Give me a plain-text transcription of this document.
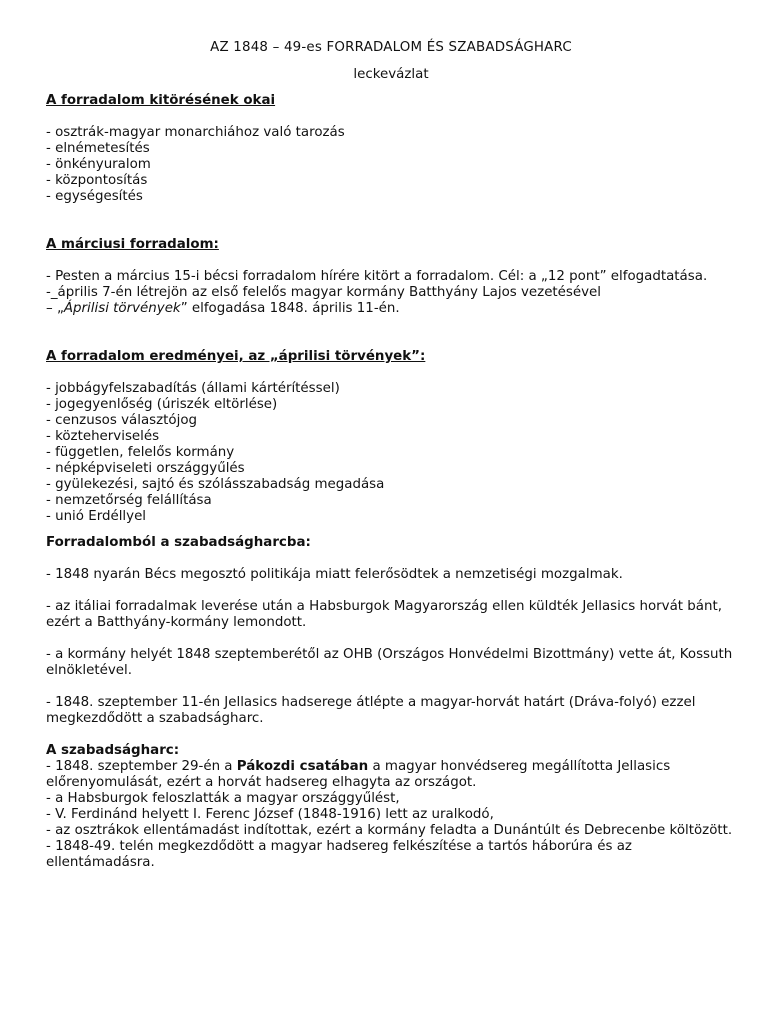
AZ 1848 – 49-es FORRADALOM ÉS SZABADSÁGHARC
leckevázlat
A forradalom kitörésének okai
- osztrák-magyar monarchiához való tarozás
- elnémetesítés
- önkényuralom
- központosítás
- egységesítés
A márciusi forradalom:
- Pesten a március 15-i bécsi forradalom hírére kitört a forradalom. Cél: a „12 pont” elfogadtatása.
-_április 7-én létrejön az első felelős magyar kormány Batthyány Lajos vezetésével
– „Áprilisi törvények” elfogadása 1848. április 11-én.
A forradalom eredményei, az „áprilisi törvények”:
- jobbágyfelszabadítás (állami kártérítéssel)
- jogegyenlőség (úriszék eltörlése)
- cenzusos választójog
- közteherviselés
- független, felelős kormány
- népképviseleti országgyűlés
- gyülekezési, sajtó és szólásszabadság megadása
- nemzetőrség felállítása
- unió Erdéllyel
Forradalomból a szabadságharcba:
- 1848 nyarán Bécs megosztó politikája miatt felerősödtek a nemzetiségi mozgalmak.
- az itáliai forradalmak leverése után a Habsburgok Magyarország ellen küldték Jellasics horvát bánt, ezért a Batthyány-kormány lemondott.
- a kormány helyét 1848 szeptemberétől az OHB (Országos Honvédelmi Bizottmány) vette át, Kossuth elnökletével.
- 1848. szeptember 11-én Jellasics hadserege átlépte a magyar-horvát határt (Dráva-folyó) ezzel megkezdődött a szabadságharc.
A szabadságharc:
- 1848. szeptember 29-én a Pákozdi csatában a magyar honvédsereg megállította Jellasics előrenyomulását, ezért a horvát hadsereg elhagyta az országot.
- a Habsburgok feloszlatták a magyar országgyűlést,
- V. Ferdinánd helyett I. Ferenc József (1848-1916) lett az uralkodó,
- az osztrákok ellentámadást indítottak, ezért a kormány feladta a Dunántúlt és Debrecenbe költözött.
- 1848-49. telén megkezdődött a magyar hadsereg felkészítése a tartós háborúra és az ellentámadásra.
